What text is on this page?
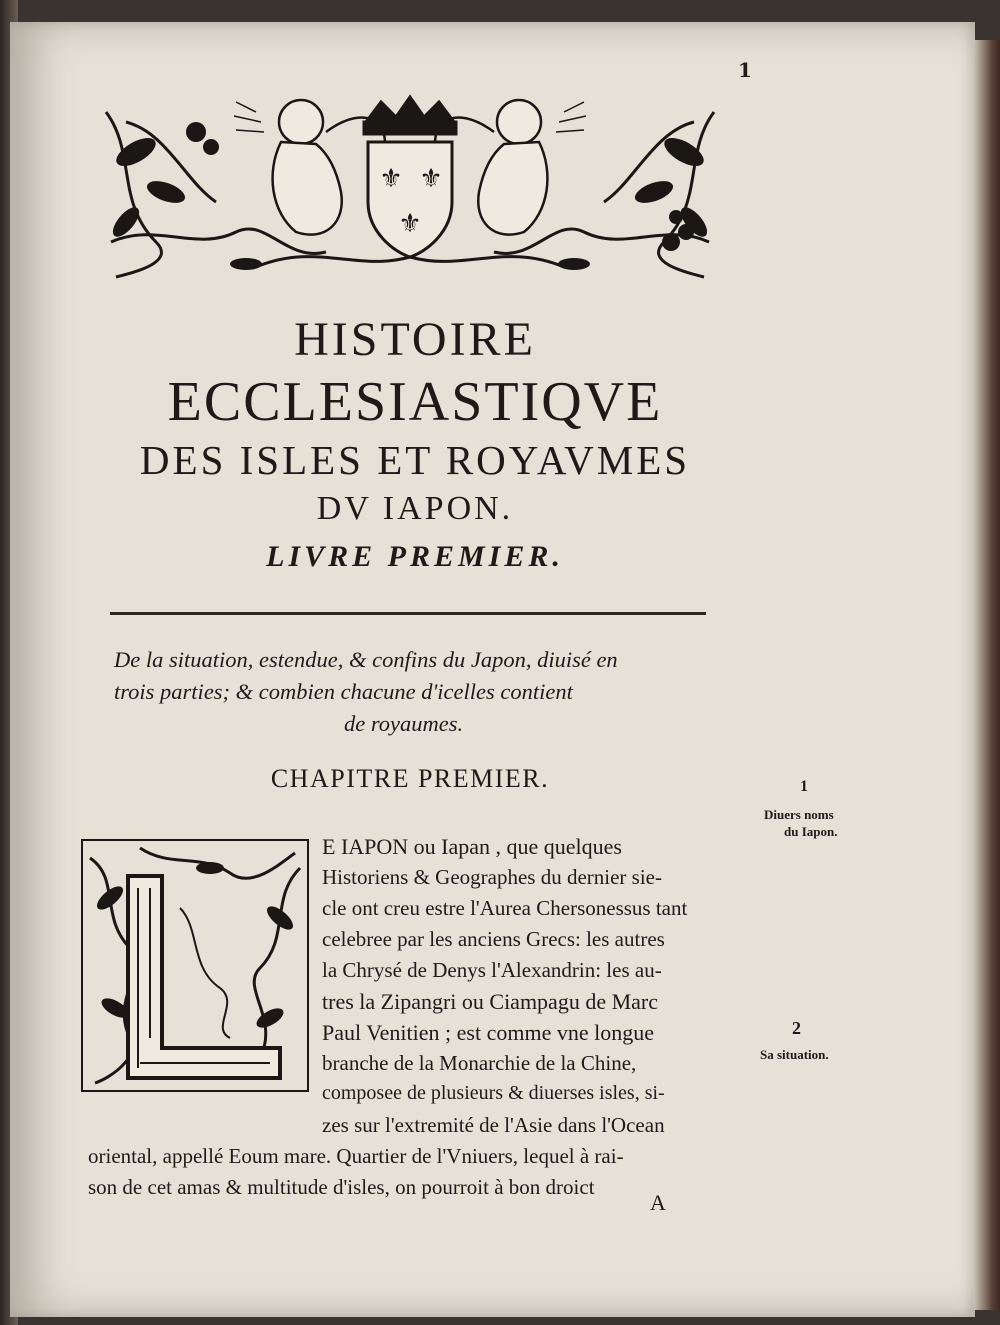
1
⚜ ⚜
⚜
HISTOIRE
ECCLESIASTIQVE
DES ISLES ET ROYAVMES
DV IAPON.
LIVRE PREMIER.
De la situation, estendue, & confins du Japon, diuisé en
trois parties; & combien chacune d'icelles contient
de royaumes.
CHAPITRE PREMIER.
E IAPON ou Iapan , que quelques
Historiens & Geographes du dernier sie-
cle ont creu estre l'Aurea Chersonessus tant
celebree par les anciens Grecs: les autres
la Chrysé de Denys l'Alexandrin: les au-
tres la Zipangri ou Ciampagu de Marc
Paul Venitien ; est comme vne longue
branche de la Monarchie de la Chine,
composee de plusieurs & diuerses isles, si-
zes sur l'extremité de l'Asie dans l'Ocean
oriental, appellé Eoum mare. Quartier de l'Vniuers, lequel à rai-
son de cet amas & multitude d'isles, on pourroit à bon droict
1
Diuers noms
du Iapon.
2
Sa situation.
A
